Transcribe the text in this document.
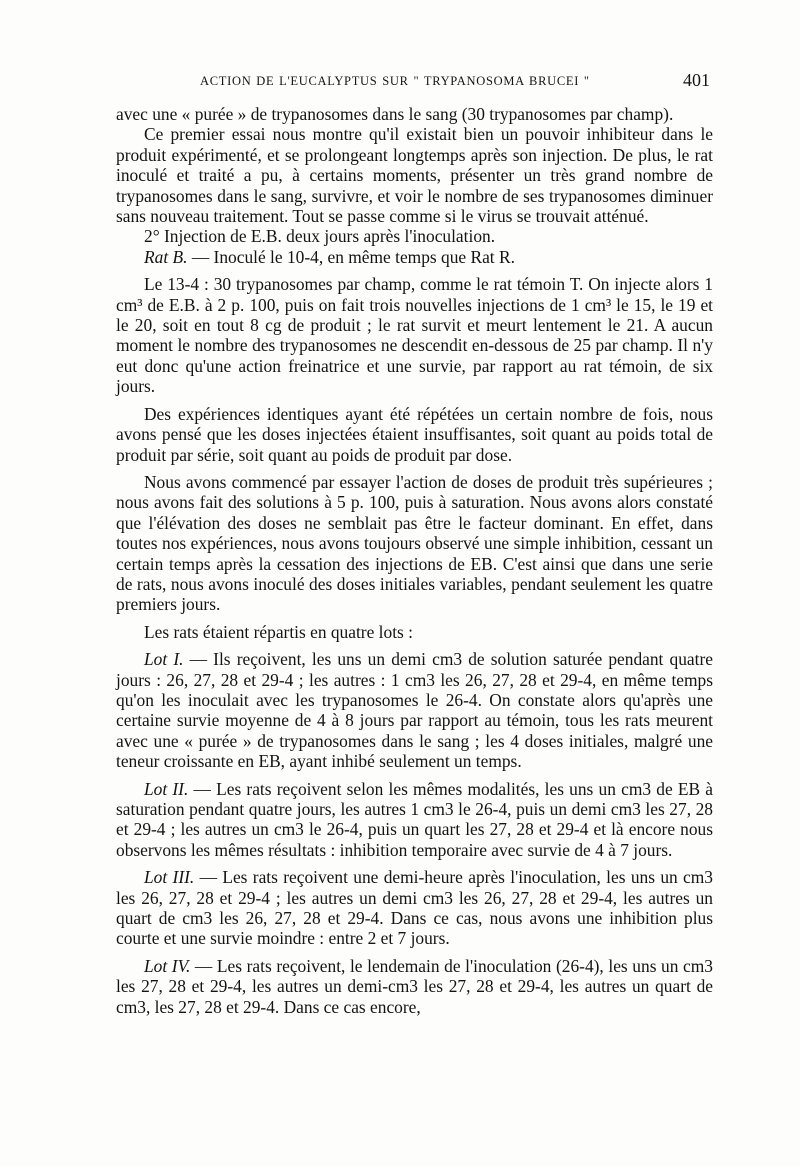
ACTION DE L'EUCALYPTUS SUR " TRYPANOSOMA BRUCEI "	401

avec une « purée » de trypanosomes dans le sang (30 trypanosomes par champ).

Ce premier essai nous montre qu'il existait bien un pouvoir inhibiteur dans le produit expérimenté, et se prolongeant longtemps après son injection. De plus, le rat inoculé et traité a pu, à certains moments, présenter un très grand nombre de trypanosomes dans le sang, survivre, et voir le nombre de ses trypanosomes diminuer sans nouveau traitement. Tout se passe comme si le virus se trouvait atténué.

2° Injection de E.B. deux jours après l'inoculation.

Rat B. — Inoculé le 10-4, en même temps que Rat R.

Le 13-4 : 30 trypanosomes par champ, comme le rat témoin T. On injecte alors 1 cm³ de E.B. à 2 p. 100, puis on fait trois nouvelles injections de 1 cm³ le 15, le 19 et le 20, soit en tout 8 cg de produit ; le rat survit et meurt lentement le 21. A aucun moment le nombre des trypanosomes ne descendit en-dessous de 25 par champ. Il n'y eut donc qu'une action freinatrice et une survie, par rapport au rat témoin, de six jours.

Des expériences identiques ayant été répétées un certain nombre de fois, nous avons pensé que les doses injectées étaient insuffisantes, soit quant au poids total de produit par série, soit quant au poids de produit par dose.

Nous avons commencé par essayer l'action de doses de produit très supérieures ; nous avons fait des solutions à 5 p. 100, puis à saturation. Nous avons alors constaté que l'élévation des doses ne semblait pas être le facteur dominant. En effet, dans toutes nos expériences, nous avons toujours observé une simple inhibition, cessant un certain temps après la cessation des injections de EB. C'est ainsi que dans une serie de rats, nous avons inoculé des doses initiales variables, pendant seulement les quatre premiers jours.

Les rats étaient répartis en quatre lots :

Lot I. — Ils reçoivent, les uns un demi cm3 de solution saturée pendant quatre jours : 26, 27, 28 et 29-4 ; les autres : 1 cm3 les 26, 27, 28 et 29-4, en même temps qu'on les inoculait avec les trypanosomes le 26-4. On constate alors qu'après une certaine survie moyenne de 4 à 8 jours par rapport au témoin, tous les rats meurent avec une « purée » de trypanosomes dans le sang ; les 4 doses initiales, malgré une teneur croissante en EB, ayant inhibé seulement un temps.

Lot II. — Les rats reçoivent selon les mêmes modalités, les uns un cm3 de EB à saturation pendant quatre jours, les autres 1 cm3 le 26-4, puis un demi cm3 les 27, 28 et 29-4 ; les autres un cm3 le 26-4, puis un quart les 27, 28 et 29-4 et là encore nous observons les mêmes résultats : inhibition temporaire avec survie de 4 à 7 jours.

Lot III. — Les rats reçoivent une demi-heure après l'inoculation, les uns un cm3 les 26, 27, 28 et 29-4 ; les autres un demi cm3 les 26, 27, 28 et 29-4, les autres un quart de cm3 les 26, 27, 28 et 29-4. Dans ce cas, nous avons une inhibition plus courte et une survie moindre : entre 2 et 7 jours.

Lot IV. — Les rats reçoivent, le lendemain de l'inoculation (26-4), les uns un cm3 les 27, 28 et 29-4, les autres un demi-cm3 les 27, 28 et 29-4, les autres un quart de cm3, les 27, 28 et 29-4. Dans ce cas encore,
